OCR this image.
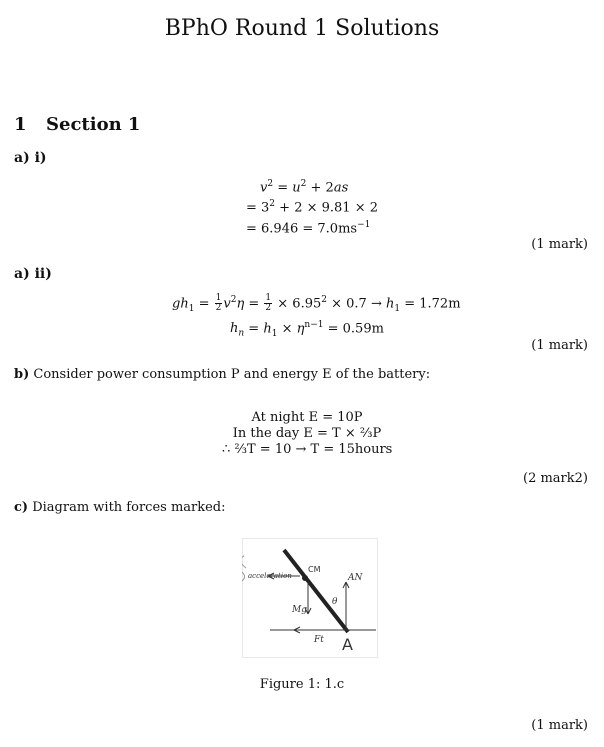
BPhO Round 1 Solutions
1 Section 1
a) i)
$v^2 = u^2 + 2as$
= $3^2 + 2 \times 9.81 \times 2$
= $6.946 = 7.0ms^{-1}$
(1 mark)
a) ii)
$gh_1 = \frac{1}{2} v^2\eta = \frac{1}{2} \times 6.95^2 \times 0.7 \to h_1 = 1.72m$
$h_n = h_1 \times \eta^{n-1} = 0.59m$
(1 mark)
b) Consider power consumption P and energy E of the battery:
At night E = 10P
In the day E = T × ⅔P
∴ ⅔T = 10 → T = 15hours
(2 mark2)
c) Diagram with forces marked:
acceleration
CM
AN
θ
Mg
Ft A
Figure 1: 1.c
(1 mark)
